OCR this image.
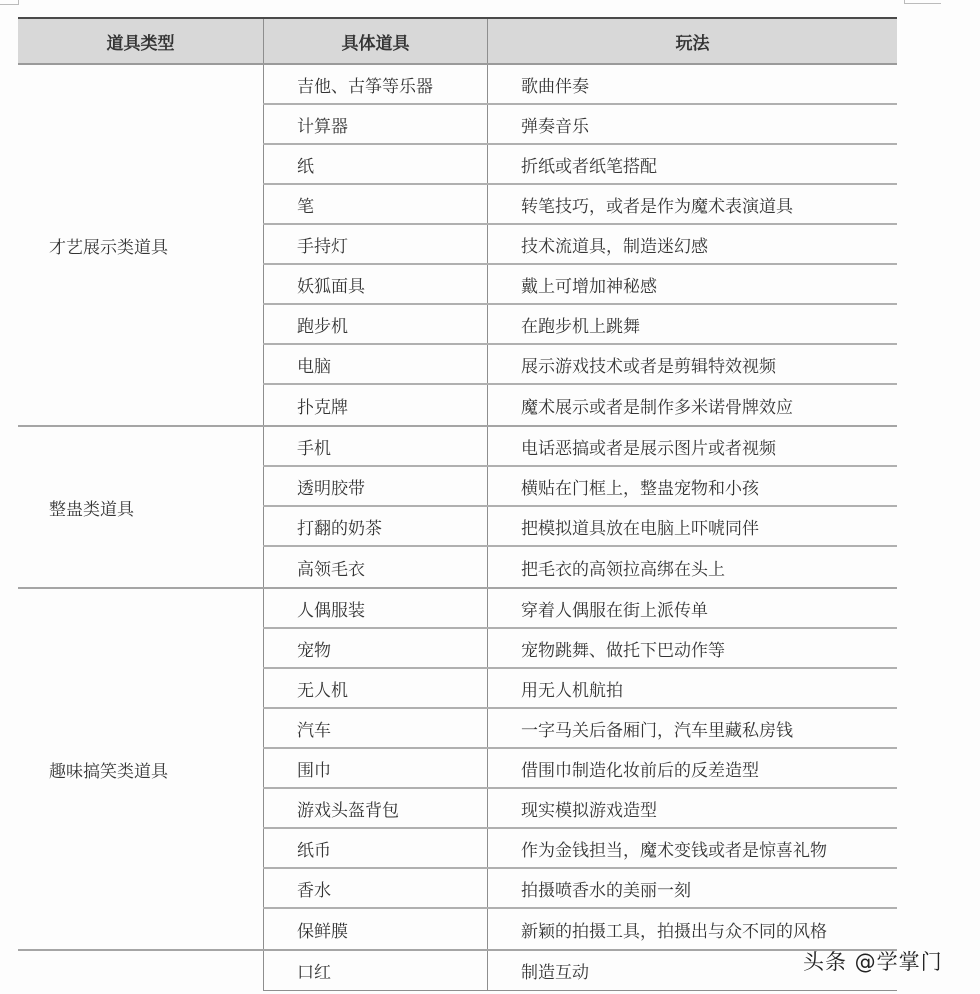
道具类型	具体道具	玩法
才艺展示类道具
吉他、古筝等乐器	歌曲伴奏
计算器	弹奏音乐
纸	折纸或者纸笔搭配
笔	转笔技巧，或者是作为魔术表演道具
手持灯	技术流道具，制造迷幻感
妖狐面具	戴上可增加神秘感
跑步机	在跑步机上跳舞
电脑	展示游戏技术或者是剪辑特效视频
扑克牌	魔术展示或者是制作多米诺骨牌效应
整蛊类道具
手机	电话恶搞或者是展示图片或者视频
透明胶带	横贴在门框上，整蛊宠物和小孩
打翻的奶茶	把模拟道具放在电脑上吓唬同伴
高领毛衣	把毛衣的高领拉高绑在头上
趣味搞笑类道具
人偶服装	穿着人偶服在街上派传单
宠物	宠物跳舞、做托下巴动作等
无人机	用无人机航拍
汽车	一字马关后备厢门，汽车里藏私房钱
围巾	借围巾制造化妆前后的反差造型
游戏头盔背包	现实模拟游戏造型
纸币	作为金钱担当，魔术变钱或者是惊喜礼物
香水	拍摄喷香水的美丽一刻
保鲜膜	新颖的拍摄工具，拍摄出与众不同的风格
口红	制造互动	头条 @学掌门
